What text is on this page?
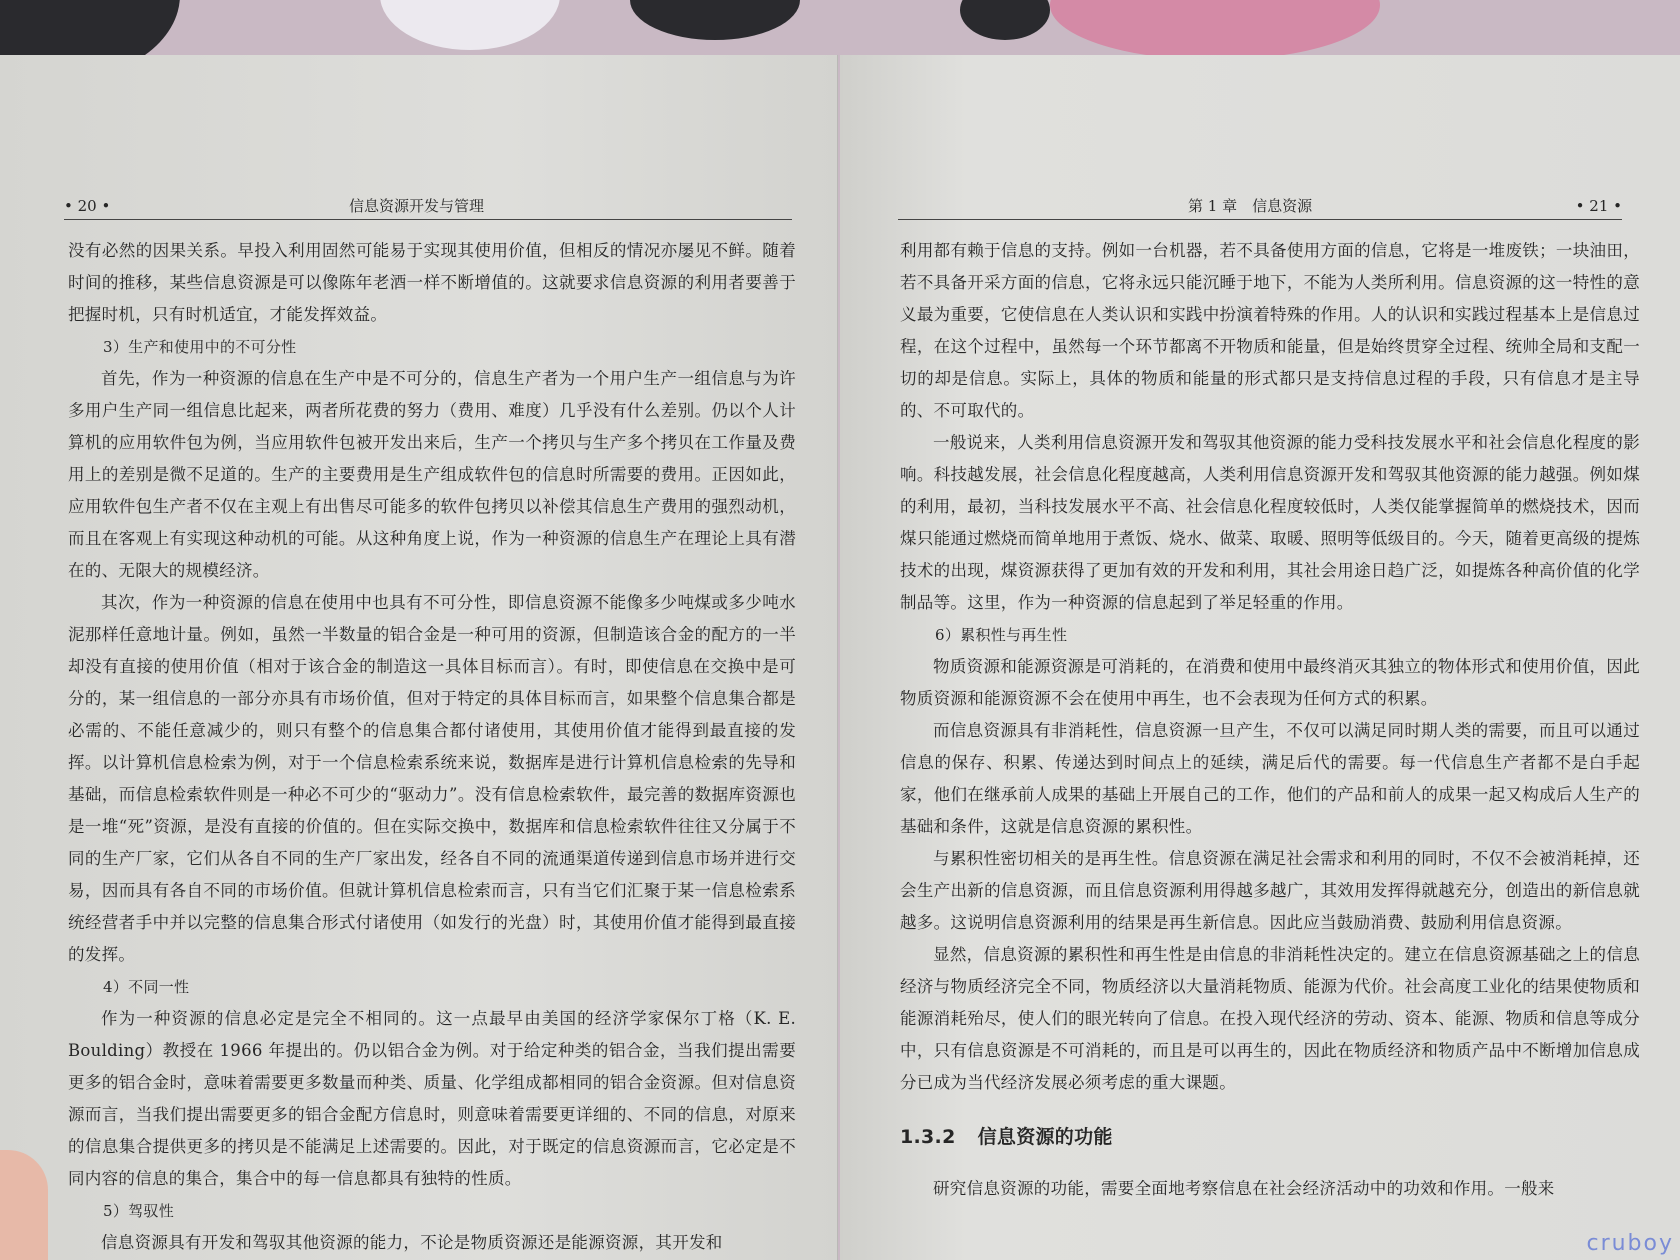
• 20 •	信息资源开发与管理

没有必然的因果关系。早投入利用固然可能易于实现其使用价值，但相反的情况亦屡见不鲜。随着时间的推移，某些信息资源是可以像陈年老酒一样不断增值的。这就要求信息资源的利用者要善于把握时机，只有时机适宜，才能发挥效益。

3）生产和使用中的不可分性

首先，作为一种资源的信息在生产中是不可分的，信息生产者为一个用户生产一组信息与为许多用户生产同一组信息比起来，两者所花费的努力（费用、难度）几乎没有什么差别。仍以个人计算机的应用软件包为例，当应用软件包被开发出来后，生产一个拷贝与生产多个拷贝在工作量及费用上的差别是微不足道的。生产的主要费用是生产组成软件包的信息时所需要的费用。正因如此，应用软件包生产者不仅在主观上有出售尽可能多的软件包拷贝以补偿其信息生产费用的强烈动机，而且在客观上有实现这种动机的可能。从这种角度上说，作为一种资源的信息生产在理论上具有潜在的、无限大的规模经济。

其次，作为一种资源的信息在使用中也具有不可分性，即信息资源不能像多少吨煤或多少吨水泥那样任意地计量。例如，虽然一半数量的铝合金是一种可用的资源，但制造该合金的配方的一半却没有直接的使用价值（相对于该合金的制造这一具体目标而言）。有时，即使信息在交换中是可分的，某一组信息的一部分亦具有市场价值，但对于特定的具体目标而言，如果整个信息集合都是必需的、不能任意减少的，则只有整个的信息集合都付诸使用，其使用价值才能得到最直接的发挥。以计算机信息检索为例，对于一个信息检索系统来说，数据库是进行计算机信息检索的先导和基础，而信息检索软件则是一种必不可少的“驱动力”。没有信息检索软件，最完善的数据库资源也是一堆“死”资源，是没有直接的价值的。但在实际交换中，数据库和信息检索软件往往又分属于不同的生产厂家，它们从各自不同的生产厂家出发，经各自不同的流通渠道传递到信息市场并进行交易，因而具有各自不同的市场价值。但就计算机信息检索而言，只有当它们汇聚于某一信息检索系统经营者手中并以完整的信息集合形式付诸使用（如发行的光盘）时，其使用价值才能得到最直接的发挥。

4）不同一性

作为一种资源的信息必定是完全不相同的。这一点最早由美国的经济学家保尔丁格（K. E. Boulding）教授在 1966 年提出的。仍以铝合金为例。对于给定种类的铝合金，当我们提出需要更多的铝合金时，意味着需要更多数量而种类、质量、化学组成都相同的铝合金资源。但对信息资源而言，当我们提出需要更多的铝合金配方信息时，则意味着需要更详细的、不同的信息，对原来的信息集合提供更多的拷贝是不能满足上述需要的。因此，对于既定的信息资源而言，它必定是不同内容的信息的集合，集合中的每一信息都具有独特的性质。

5）驾驭性

信息资源具有开发和驾驭其他资源的能力，不论是物质资源还是能源资源，其开发和

第 1 章　信息资源	• 21 •

利用都有赖于信息的支持。例如一台机器，若不具备使用方面的信息，它将是一堆废铁；一块油田，若不具备开采方面的信息，它将永远只能沉睡于地下，不能为人类所利用。信息资源的这一特性的意义最为重要，它使信息在人类认识和实践中扮演着特殊的作用。人的认识和实践过程基本上是信息过程，在这个过程中，虽然每一个环节都离不开物质和能量，但是始终贯穿全过程、统帅全局和支配一切的却是信息。实际上，具体的物质和能量的形式都只是支持信息过程的手段，只有信息才是主导的、不可取代的。

一般说来，人类利用信息资源开发和驾驭其他资源的能力受科技发展水平和社会信息化程度的影响。科技越发展，社会信息化程度越高，人类利用信息资源开发和驾驭其他资源的能力越强。例如煤的利用，最初，当科技发展水平不高、社会信息化程度较低时，人类仅能掌握简单的燃烧技术，因而煤只能通过燃烧而简单地用于煮饭、烧水、做菜、取暖、照明等低级目的。今天，随着更高级的提炼技术的出现，煤资源获得了更加有效的开发和利用，其社会用途日趋广泛，如提炼各种高价值的化学制品等。这里，作为一种资源的信息起到了举足轻重的作用。

6）累积性与再生性

物质资源和能源资源是可消耗的，在消费和使用中最终消灭其独立的物体形式和使用价值，因此物质资源和能源资源不会在使用中再生，也不会表现为任何方式的积累。

而信息资源具有非消耗性，信息资源一旦产生，不仅可以满足同时期人类的需要，而且可以通过信息的保存、积累、传递达到时间点上的延续，满足后代的需要。每一代信息生产者都不是白手起家，他们在继承前人成果的基础上开展自己的工作，他们的产品和前人的成果一起又构成后人生产的基础和条件，这就是信息资源的累积性。

与累积性密切相关的是再生性。信息资源在满足社会需求和利用的同时，不仅不会被消耗掉，还会生产出新的信息资源，而且信息资源利用得越多越广，其效用发挥得就越充分，创造出的新信息就越多。这说明信息资源利用的结果是再生新信息。因此应当鼓励消费、鼓励利用信息资源。

显然，信息资源的累积性和再生性是由信息的非消耗性决定的。建立在信息资源基础之上的信息经济与物质经济完全不同，物质经济以大量消耗物质、能源为代价。社会高度工业化的结果使物质和能源消耗殆尽，使人们的眼光转向了信息。在投入现代经济的劳动、资本、能源、物质和信息等成分中，只有信息资源是不可消耗的，而且是可以再生的，因此在物质经济和物质产品中不断增加信息成分已成为当代经济发展必须考虑的重大课题。

1.3.2 信息资源的功能

研究信息资源的功能，需要全面地考察信息在社会经济活动中的功效和作用。一般来

cruboy
